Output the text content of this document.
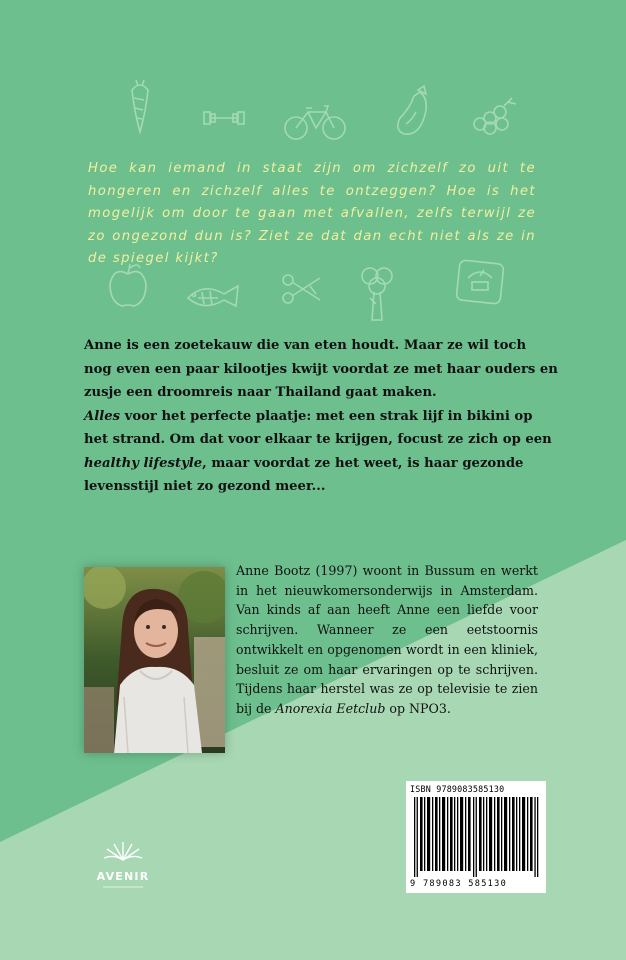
Hoe kan iemand in staat zijn om zichzelf zo uit te hongeren en zichzelf alles te ontzeggen? Hoe is het mogelijk om door te gaan met afvallen, zelfs terwijl ze zo ongezond dun is? Ziet ze dat dan echt niet als ze in de spiegel kijkt?

Anne is een zoetekauw die van eten houdt. Maar ze wil toch nog even een paar kilootjes kwijt voordat ze met haar ouders en zusje een droomreis naar Thailand gaat maken.
Alles voor het perfecte plaatje: met een strak lijf in bikini op het strand. Om dat voor elkaar te krijgen, focust ze zich op een healthy lifestyle, maar voordat ze het weet, is haar gezonde levensstijl niet zo gezond meer...

Anne Bootz (1997) woont in Bussum en werkt in het nieuwkomersonderwijs in Amsterdam. Van kinds af aan heeft Anne een liefde voor schrijven. Wanneer ze een eetstoornis ontwikkelt en opgenomen wordt in een kliniek, besluit ze om haar ervaringen op te schrijven. Tijdens haar herstel was ze op televisie te zien bij de Anorexia Eetclub op NPO3.
ISBN 9789083585130
9 789083 585130
AVENIR
